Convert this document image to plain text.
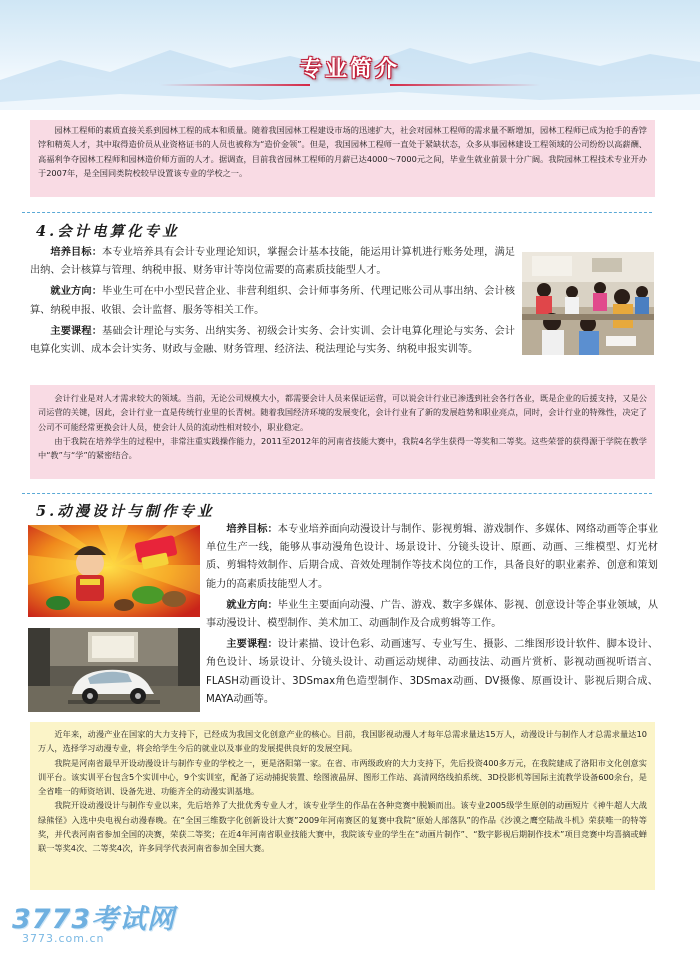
专业简介

园林工程师的素质直接关系到园林工程的成本和质量。随着我国园林工程建设市场的迅速扩大，社会对园林工程师的需求量不断增加，园林工程师已成为抢手的香饽饽和精英人才，其中取得造价员从业资格证书的人员也被称为“造价金领”。但是，我国园林工程师一直处于紧缺状态，众多从事园林建设工程领域的公司纷纷以高薪酬、高福利争夺园林工程师和园林造价师方面的人才。据调查，目前我省园林工程师的月薪已达4000～7000元之间，毕业生就业前景十分广阔。我院园林工程技术专业开办于2007年，是全国同类院校较早设置该专业的学校之一。

4.会计电算化专业

培养目标：本专业培养具有会计专业理论知识，掌握会计基本技能，能运用计算机进行账务处理，满足出纳、会计核算与管理、纳税申报、财务审计等岗位需要的高素质技能型人才。

就业方向：毕业生可在中小型民营企业、非营利组织、会计师事务所、代理记账公司从事出纳、会计核算、纳税申报、收银、会计监督、服务等相关工作。

主要课程：基础会计理论与实务、出纳实务、初级会计实务、会计实训、会计电算化理论与实务、会计电算化实训、成本会计实务、财政与金融、财务管理、经济法、税法理论与实务、纳税申报实训等。

会计行业是对人才需求较大的领域。当前，无论公司规模大小，都需要会计人员来保证运营，可以说会计行业已渗透到社会各行各业，既是企业的后援支持，又是公司运营的关键，因此，会计行业一直是传统行业里的长青树。随着我国经济环境的发展变化，会计行业有了新的发展趋势和职业亮点，同时，会计行业的特殊性，决定了公司不可能经常更换会计人员，使会计人员的流动性相对较小，职业稳定。

由于我院在培养学生的过程中，非常注重实践操作能力，2011至2012年的河南省技能大赛中，我院4名学生获得一等奖和二等奖。这些荣誉的获得源于学院在教学中“教”与“学”的紧密结合。

5.动漫设计与制作专业

培养目标：本专业培养面向动漫设计与制作、影视剪辑、游戏制作、多媒体、网络动画等企事业单位生产一线，能够从事动漫角色设计、场景设计、分镜头设计、原画、动画、三维模型、灯光材质、剪辑特效制作、后期合成、音效处理制作等技术岗位的工作，具备良好的职业素养、创意和策划能力的高素质技能型人才。

就业方向：毕业生主要面向动漫、广告、游戏、数字多媒体、影视、创意设计等企事业领域，从事动漫设计、模型制作、美术加工、动画制作及合成剪辑等工作。

主要课程：设计素描、设计色彩、动画速写、专业写生、摄影、二维图形设计软件、脚本设计、角色设计、场景设计、分镜头设计、动画运动规律、动画技法、动画片赏析、影视动画视听语言、FLASH动画设计、3DSmax角色造型制作、3DSmax动画、DV摄像、原画设计、影视后期合成、MAYA动画等。

近年来，动漫产业在国家的大力支持下，已经成为我国文化创意产业的核心。目前，我国影视动漫人才每年总需求量达15万人，动漫设计与制作人才总需求量达10万人，选择学习动漫专业，将会给学生今后的就业以及事业的发展提供良好的发展空间。

我院是河南省最早开设动漫设计与制作专业的学校之一，更是洛阳第一家。在省、市两级政府的大力支持下，先后投资400多万元，在我院建成了洛阳市文化创意实训平台。该实训平台包含5个实训中心，9个实训室，配备了运动捕捉装置、绘图液晶屏、图形工作站、高清网络线拍系统、3D投影机等国际主流教学设备600余台，是全省唯一的师资培训、设备先进、功能齐全的动漫实训基地。

我院开设动漫设计与制作专业以来，先后培养了大批优秀专业人才，该专业学生的作品在各种竞赛中脱颖而出。该专业2005级学生原创的动画短片《神牛超人大战绿熊怪》入选中央电视台动漫春晚。在“全国三维数字化创新设计大赛”2009年河南赛区的复赛中我院“原始人部落队”的作品《沙漠之鹰空陆战斗机》荣获唯一的特等奖，并代表河南省参加全国的决赛，荣获二等奖；在近4年河南省职业技能大赛中，我院该专业的学生在“动画片制作”、“数字影视后期制作技术”项目竞赛中均喜摘或蝉联一等奖4次、二等奖4次，许多同学代表河南省参加全国大赛。

3773考试网
3773.com.cn
